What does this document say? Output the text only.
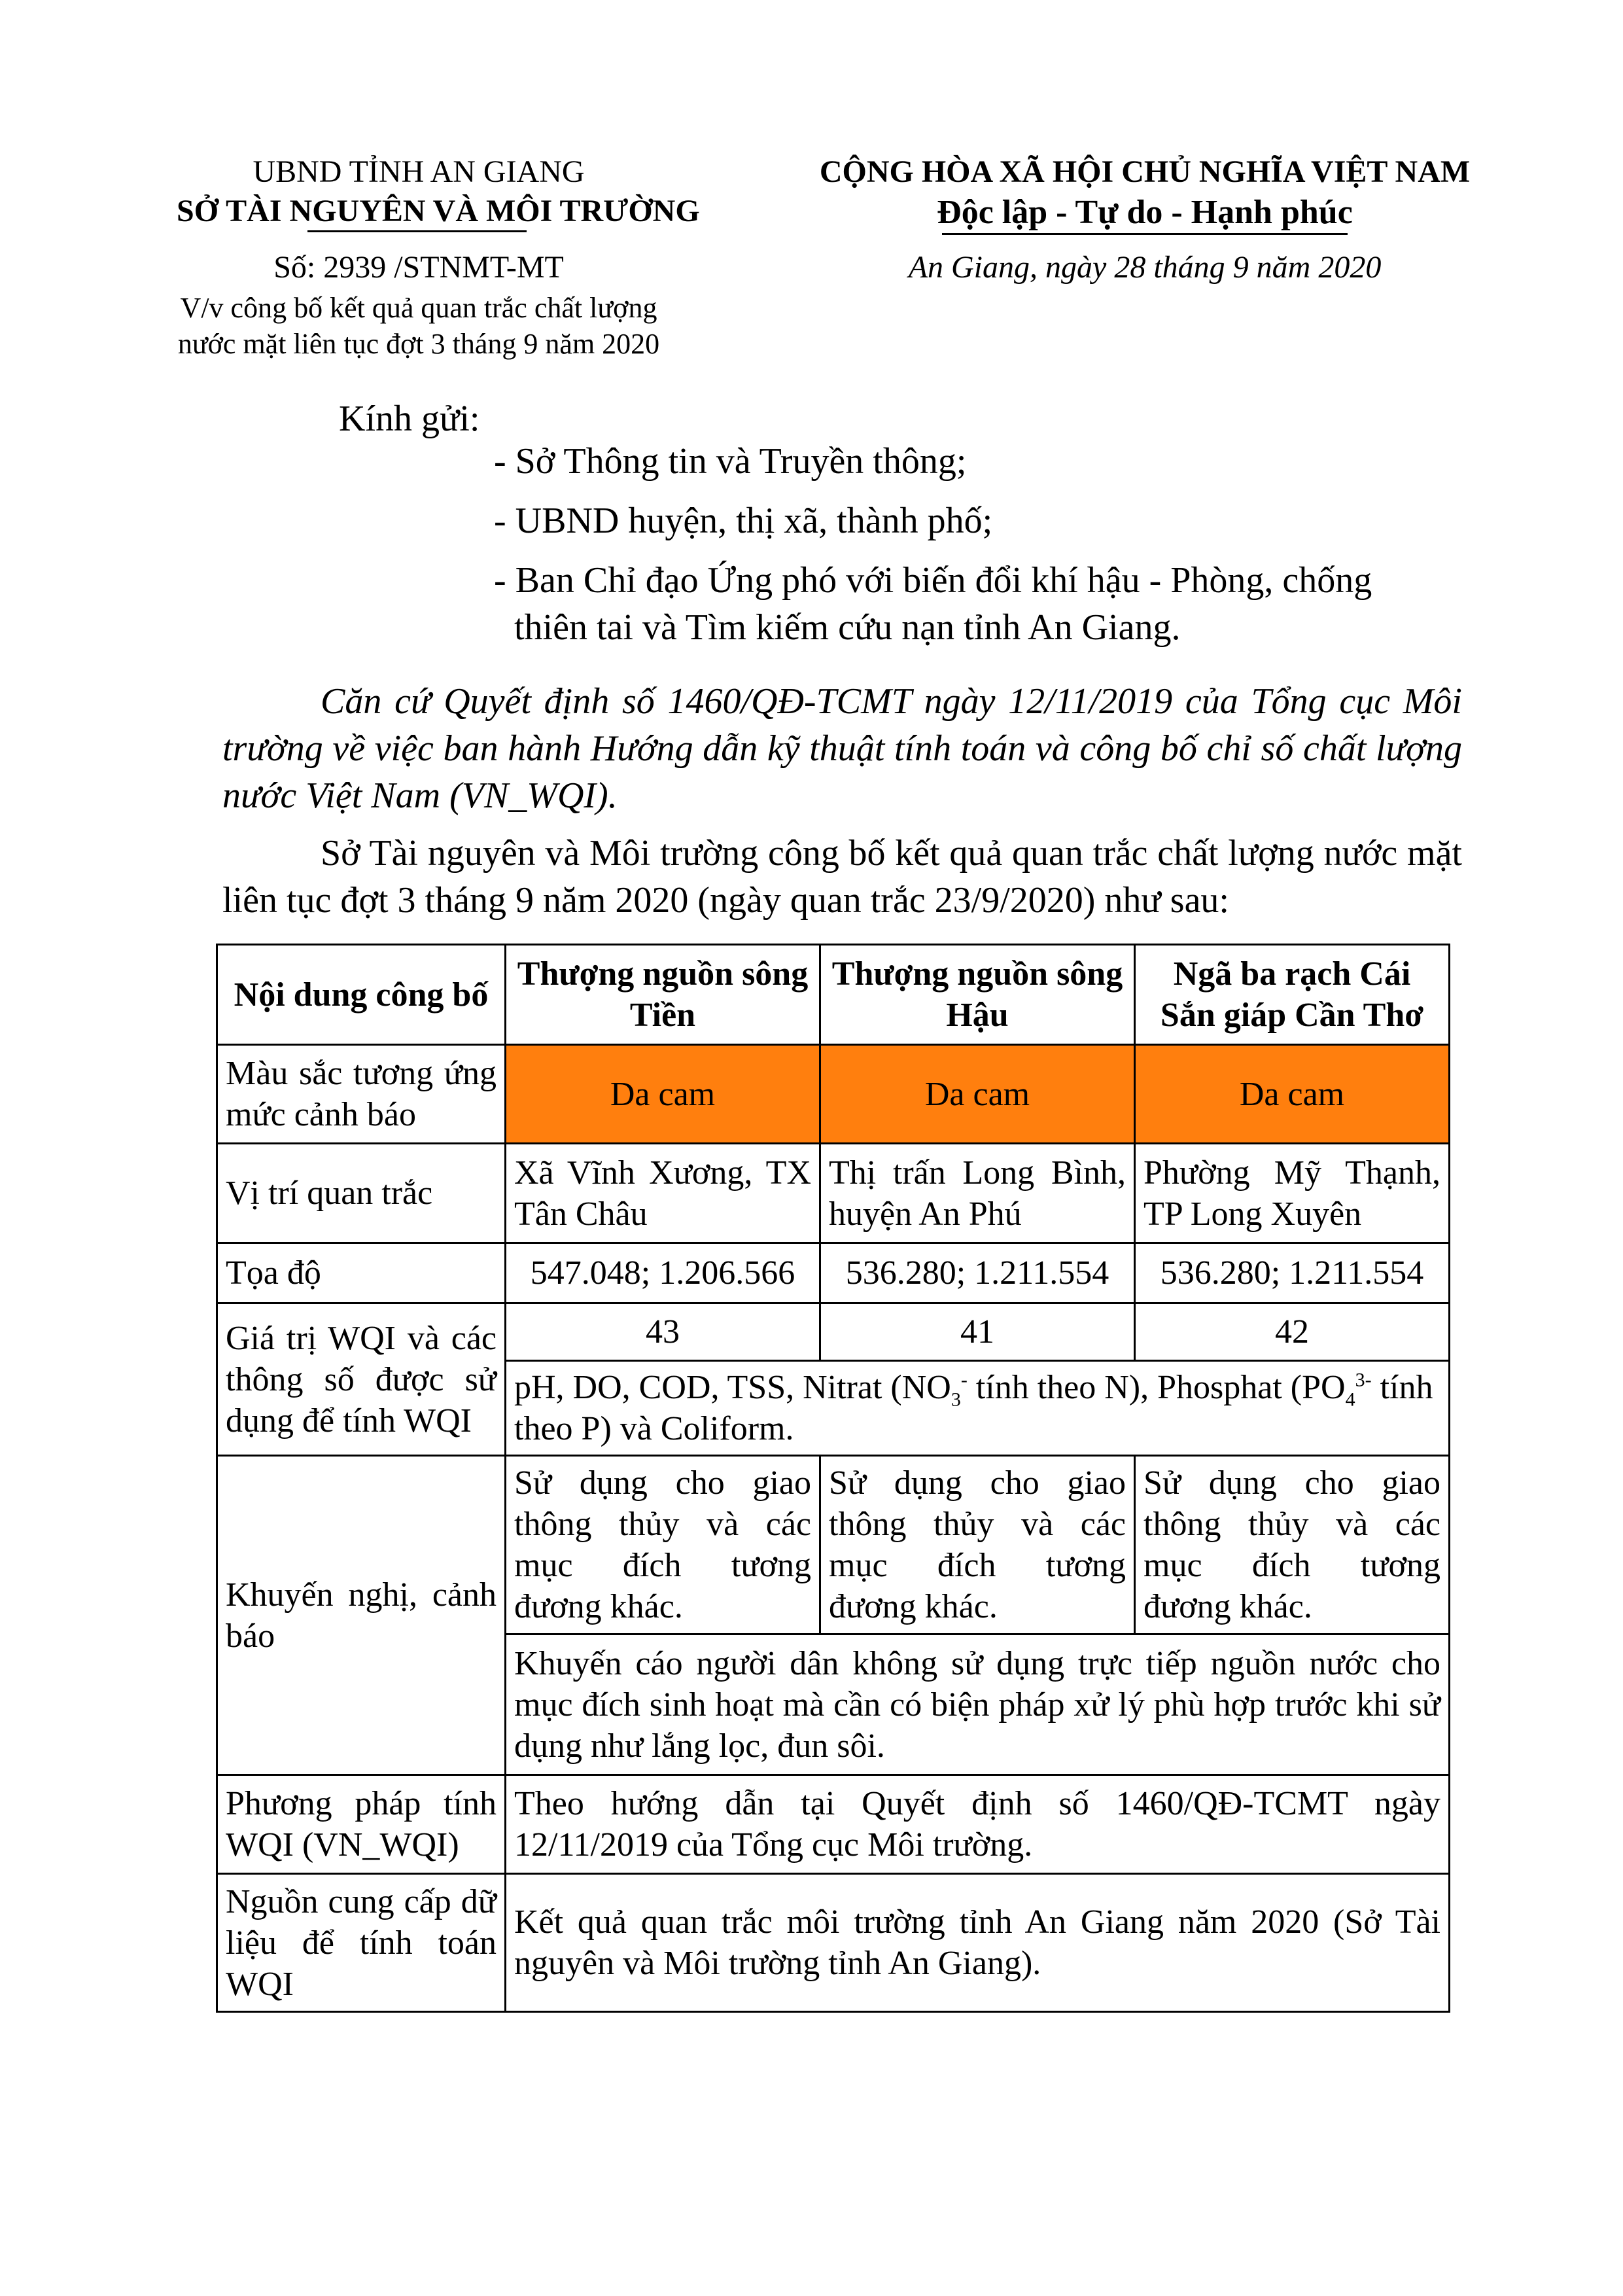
UBND TỈNH AN GIANG
SỞ TÀI NGUYÊN VÀ MÔI TRƯỜNG
Số: 2939 /STNMT-MT
V/v công bố kết quả quan trắc chất lượng
nước mặt liên tục đợt 3 tháng 9 năm 2020
CỘNG HÒA XÃ HỘI CHỦ NGHĨA VIỆT NAM
Độc lập - Tự do - Hạnh phúc
An Giang, ngày 28 tháng 9 năm 2020
Kính gửi:
- Sở Thông tin và Truyền thông;
- UBND huyện, thị xã, thành phố;
- Ban Chỉ đạo Ứng phó với biến đổi khí hậu - Phòng, chống
thiên tai và Tìm kiếm cứu nạn tỉnh An Giang.
Căn cứ Quyết định số 1460/QĐ-TCMT ngày 12/11/2019 của Tổng cục Môi trường về việc ban hành Hướng dẫn kỹ thuật tính toán và công bố chỉ số chất lượng nước Việt Nam (VN_WQI).
Sở Tài nguyên và Môi trường công bố kết quả quan trắc chất lượng nước mặt liên tục đợt 3 tháng 9 năm 2020 (ngày quan trắc 23/9/2020) như sau:
Nội dung công bố	Thượng nguồn sông Tiền	Thượng nguồn sông Hậu	Ngã ba rạch Cái Sắn giáp Cần Thơ
Màu sắc tương ứng mức cảnh báo	Da cam	Da cam	Da cam
Vị trí quan trắc	Xã Vĩnh Xương, TX Tân Châu	Thị trấn Long Bình, huyện An Phú	Phường Mỹ Thạnh, TP Long Xuyên
Tọa độ	547.048; 1.206.566	536.280; 1.211.554	536.280; 1.211.554
Giá trị WQI và các thông số được sử dụng để tính WQI	43	41	42
	pH, DO, COD, TSS, Nitrat ($NO_3^-$ tính theo N), Phosphat ($PO_4^{3-}$ tính theo P) và Coliform.		
Khuyến nghị, cảnh báo	Sử dụng cho giao thông thủy và các mục đích tương đương khác.	Sử dụng cho giao thông thủy và các mục đích tương đương khác.	Sử dụng cho giao thông thủy và các mục đích tương đương khác.
	Khuyến cáo người dân không sử dụng trực tiếp nguồn nước cho mục đích sinh hoạt mà cần có biện pháp xử lý phù hợp trước khi sử dụng như lắng lọc, đun sôi.		
Phương pháp tính WQI (VN_WQI)	Theo hướng dẫn tại Quyết định số 1460/QĐ-TCMT ngày 12/11/2019 của Tổng cục Môi trường.		
Nguồn cung cấp dữ liệu để tính toán WQI	Kết quả quan trắc môi trường tỉnh An Giang năm 2020 (Sở Tài nguyên và Môi trường tỉnh An Giang).		
